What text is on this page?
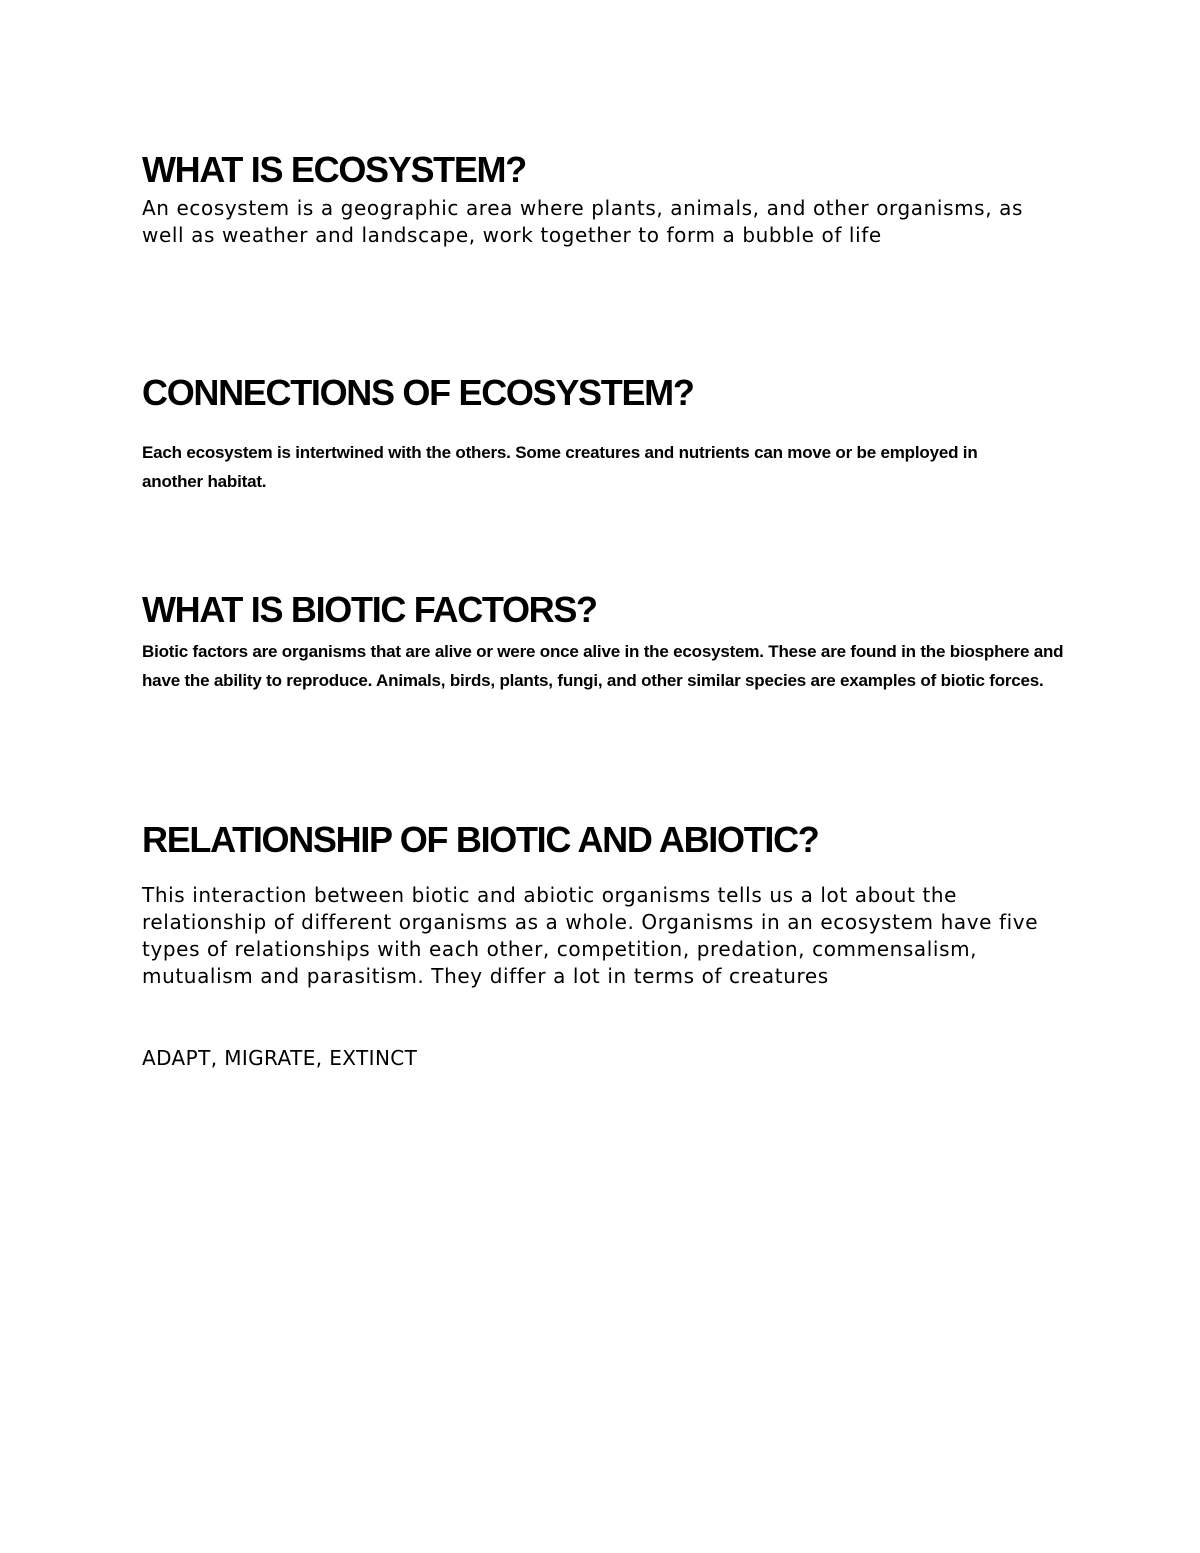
WHAT IS ECOSYSTEM?

An ecosystem is a geographic area where plants, animals, and other organisms, as well as weather and landscape, work together to form a bubble of life

CONNECTIONS OF ECOSYSTEM?

Each ecosystem is intertwined with the others. Some creatures and nutrients can move or be employed in another habitat.

WHAT IS BIOTIC FACTORS?

Biotic factors are organisms that are alive or were once alive in the ecosystem. These are found in the biosphere and have the ability to reproduce. Animals, birds, plants, fungi, and other similar species are examples of biotic forces.

RELATIONSHIP OF BIOTIC AND ABIOTIC?

This interaction between biotic and abiotic organisms tells us a lot about the relationship of different organisms as a whole. Organisms in an ecosystem have five types of relationships with each other, competition, predation, commensalism, mutualism and parasitism. They differ a lot in terms of creatures

ADAPT, MIGRATE, EXTINCT
